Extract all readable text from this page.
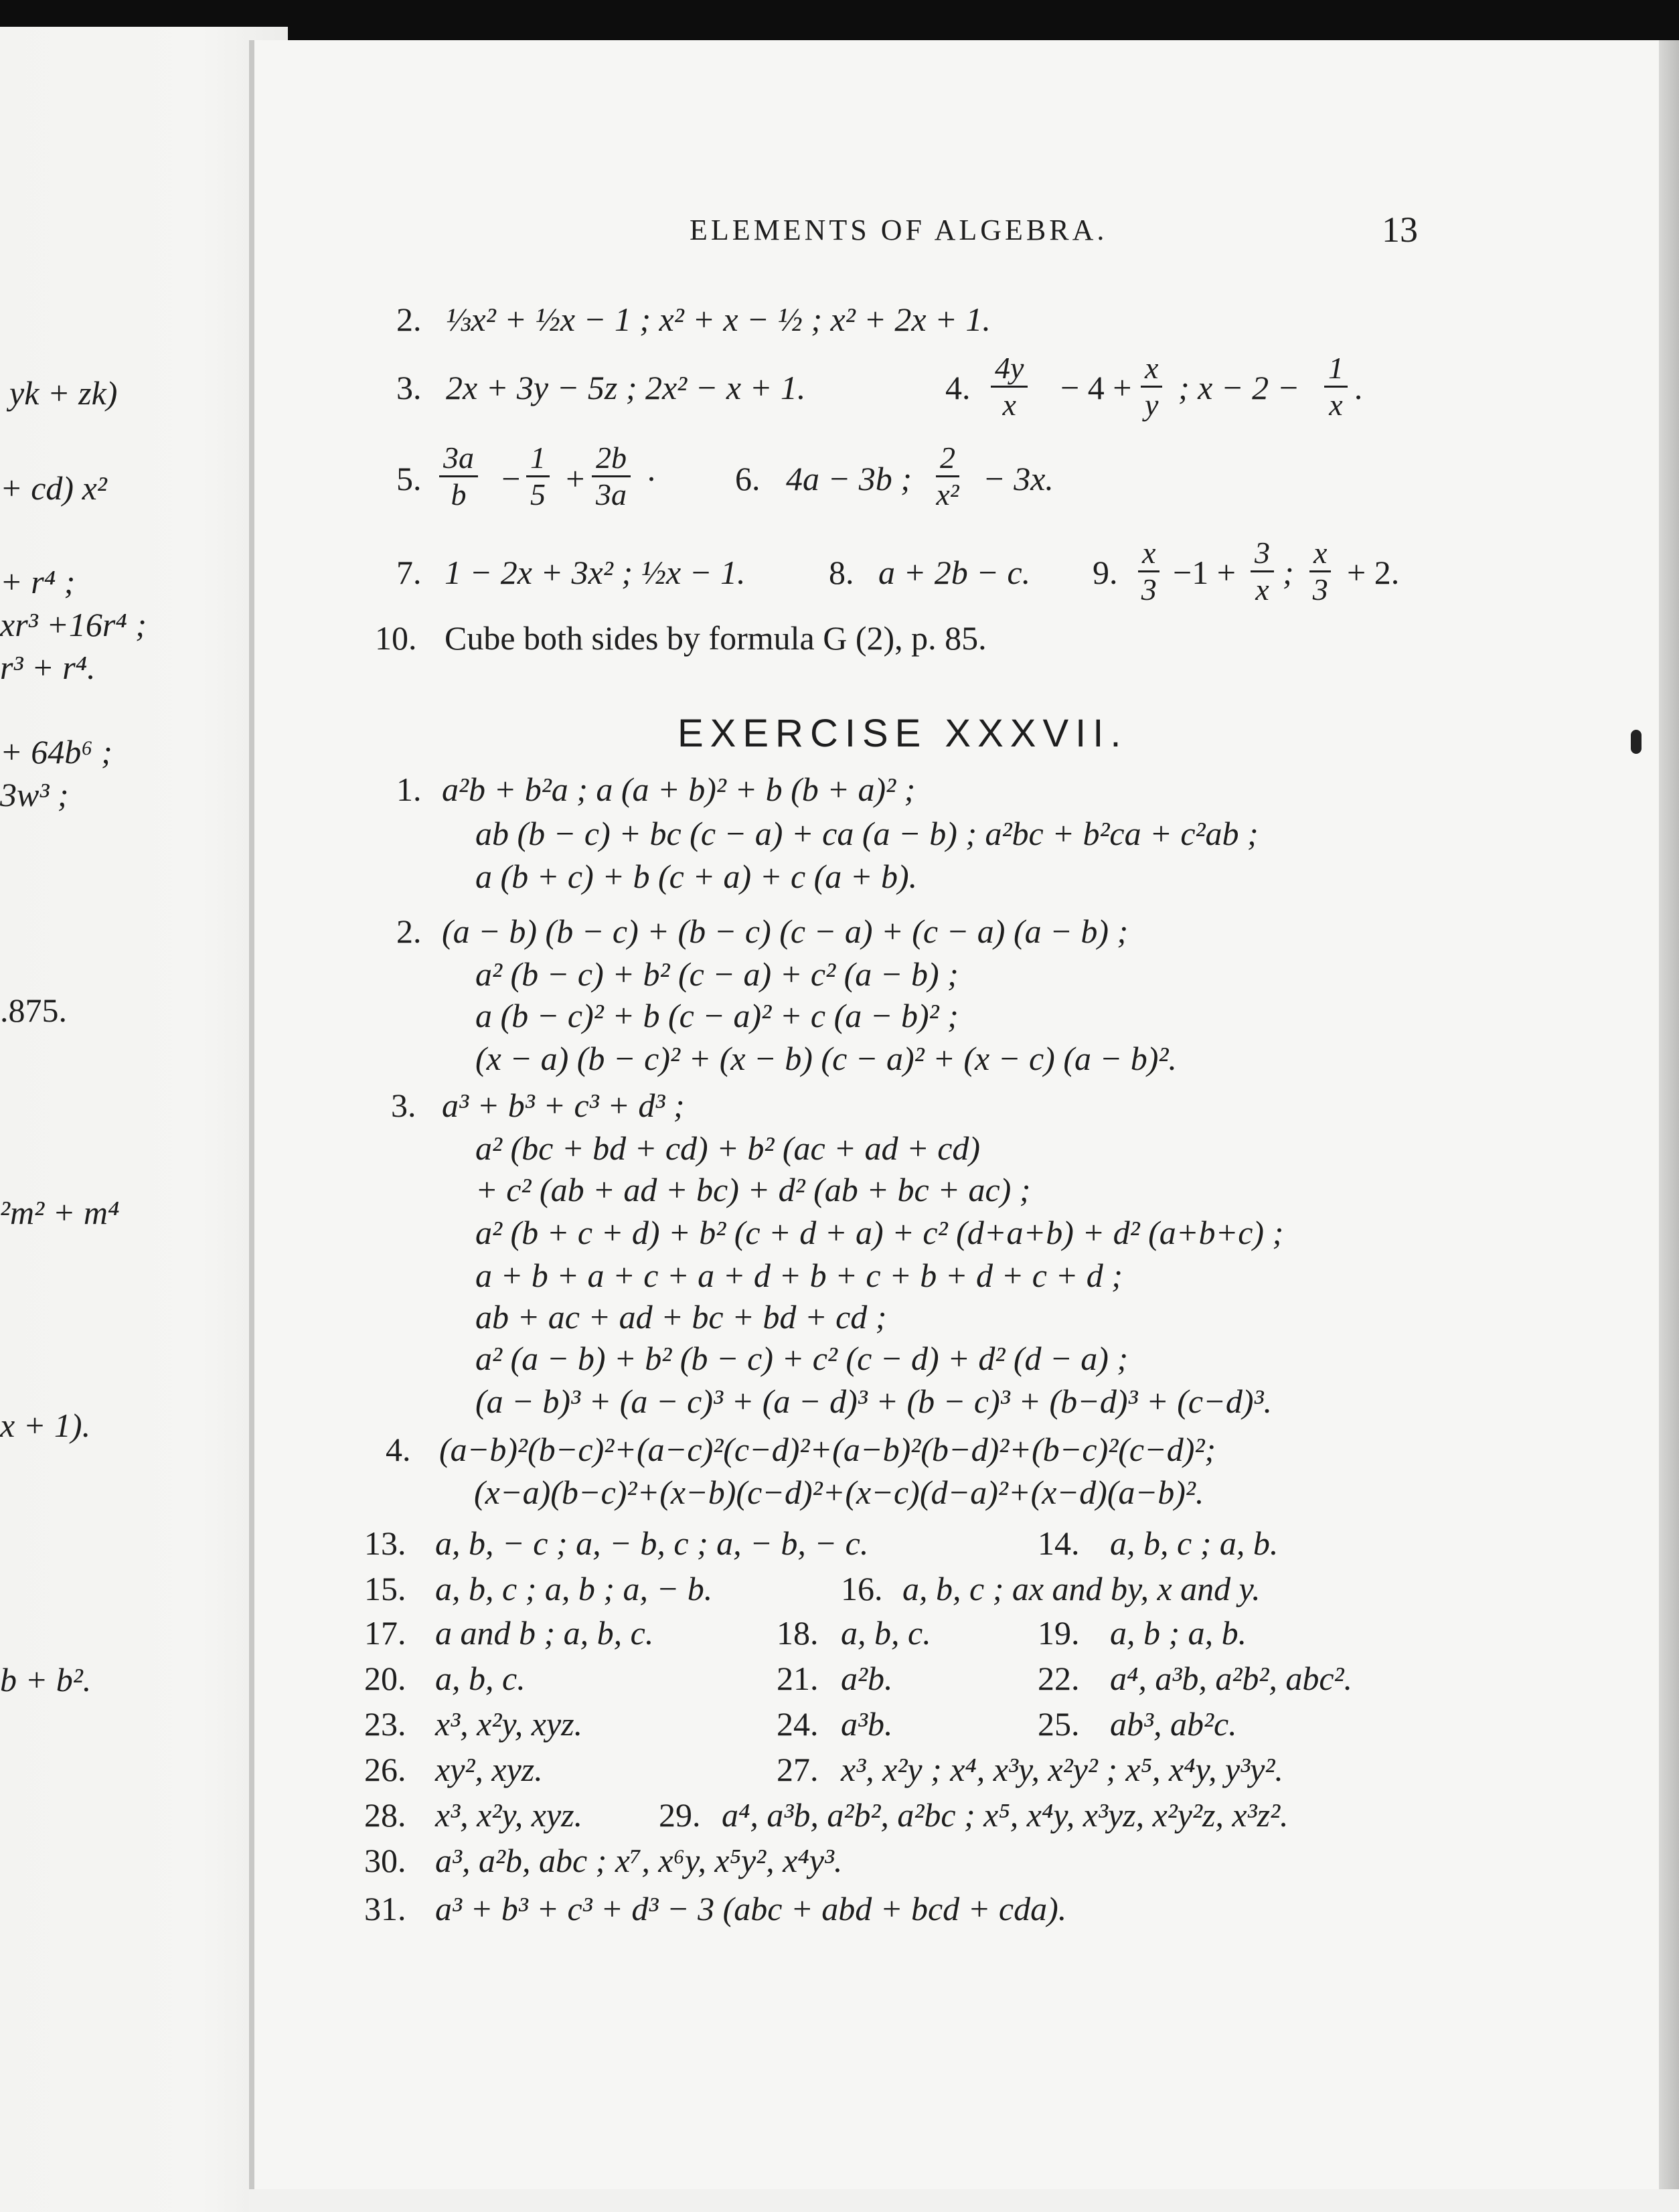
yk + zk)
+ cd) x²
+ r⁴ ;
xr³ +16r⁴ ;
r³ + r⁴.
+ 64b⁶ ;
3w³ ;
.875.
²m² + m⁴
x + 1).
b + b².
ELEMENTS OF ALGEBRA.	13
2. ⅓x² + ½x − 1 ; x² + x − ½ ; x² + 2x + 1.
3. 2x + 3y − 5z ; 2x² − x + 1.	4. $\frac{4y}{x} - 4 + \frac{x}{y}$ ; $x - 2 - \frac{1}{x}$ .
5. $\frac{3a}{b} - \frac{1}{5} + \frac{2b}{3a} \cdot 6$. 4a − 3b ; $\frac{2}{\text{x²}} - 3x$.
7. 1 − 2x + 3x² ; ½x − 1. 8. a + 2b − c. 9. $\frac{x}{3} -1 + \frac{3}{x}$ ; $\frac{x}{3} + 2$.
10. Cube both sides by formula G (2), p. 85.
EXERCISE XXXVII.
1. a²b + b²a ; a (a + b)² + b (b + a)² ;
ab (b − c) + bc (c − a) + ca (a − b) ; a²bc + b²ca + c²ab ;
a (b + c) + b (c + a) + c (a + b).
2. (a − b) (b − c) + (b − c) (c − a) + (c − a) (a − b) ;
a² (b − c) + b² (c − a) + c² (a − b) ;
a (b − c)² + b (c − a)² + c (a − b)² ;
(x − a) (b − c)² + (x − b) (c − a)² + (x − c) (a − b)².
3. a³ + b³ + c³ + d³ ;
a² (bc + bd + cd) + b² (ac + ad + cd)
+ c² (ab + ad + bc) + d² (ab + bc + ac) ;
a² (b + c + d) + b² (c + d + a) + c² (d+a+b) + d² (a+b+c) ;
a + b + a + c + a + d + b + c + b + d + c + d ;
ab + ac + ad + bc + bd + cd ;
a² (a − b) + b² (b − c) + c² (c − d) + d² (d − a) ;
(a − b)³ + (a − c)³ + (a − d)³ + (b − c)³ + (b−d)³ + (c−d)³.
4. (a−b)²(b−c)²+(a−c)²(c−d)²+(a−b)²(b−d)²+(b−c)²(c−d)²;
(x−a)(b−c)²+(x−b)(c−d)²+(x−c)(d−a)²+(x−d)(a−b)².
13. a, b, − c ; a, − b, c ; a, − b, − c.	14. a, b, c ; a, b.
15. a, b, c ; a, b ; a, − b.	16. a, b, c ; ax and by, x and y.
17. a and b ; a, b, c.	18. a, b, c.	19. a, b ; a, b.
20. a, b, c.	21. a²b.	22. a⁴, a³b, a²b², abc².
23. x³, x²y, xyz.	24. a³b.	25. ab³, ab²c.
26. xy², xyz.	27. x³, x²y ; x⁴, x³y, x²y² ; x⁵, x⁴y, y³y².
28. x³, x²y, xyz. 29. a⁴, a³b, a²b², a²bc ; x⁵, x⁴y, x³yz, x²y²z, x³z².
30. a³, a²b, abc ; x⁷, x⁶y, x⁵y², x⁴y³.
31. a³ + b³ + c³ + d³ − 3 (abc + abd + bcd + cda).
